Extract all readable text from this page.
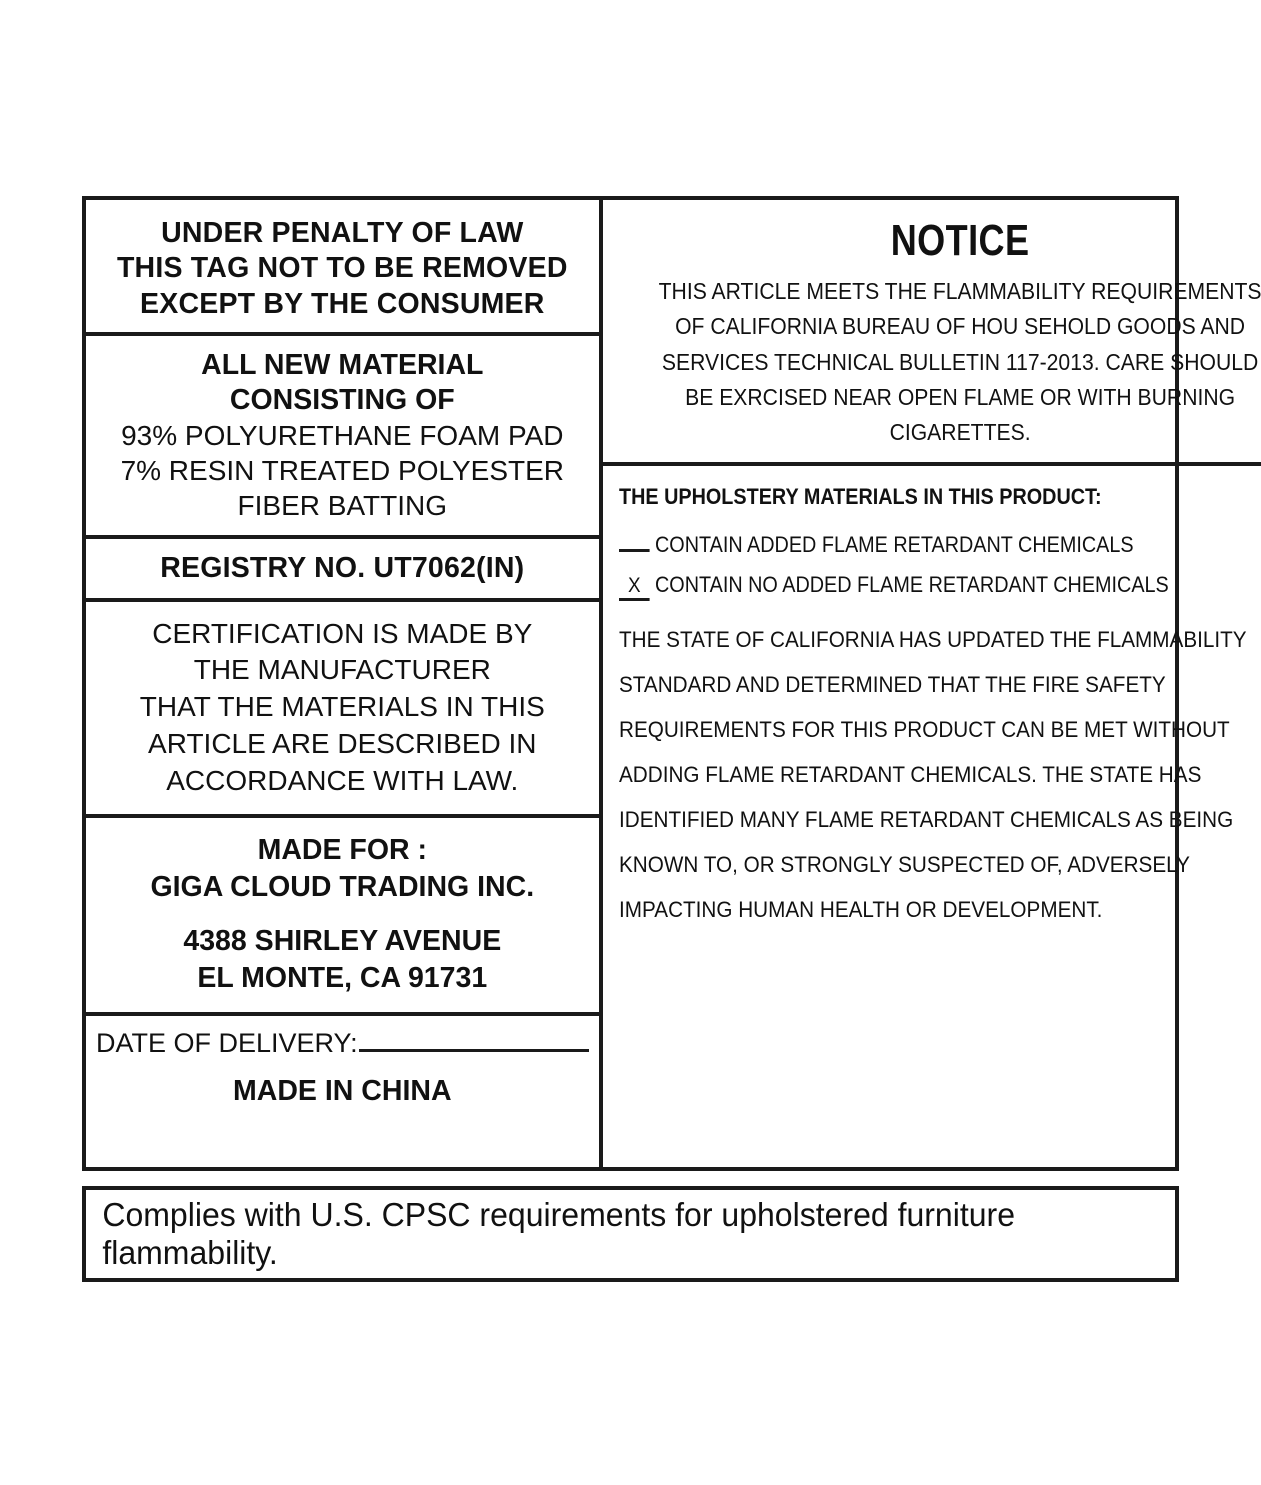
UNDER PENALTY OF LAW
THIS TAG NOT TO BE REMOVED
EXCEPT BY THE CONSUMER
ALL NEW MATERIAL
CONSISTING OF
93% POLYURETHANE FOAM PAD
7% RESIN TREATED POLYESTER
FIBER BATTING
REGISTRY NO. UT7062(IN)
CERTIFICATION IS MADE BY
THE MANUFACTURER
THAT THE MATERIALS IN THIS
ARTICLE ARE DESCRIBED IN
ACCORDANCE WITH LAW.
MADE FOR :
GIGA CLOUD TRADING INC.
4388 SHIRLEY AVENUE
EL MONTE, CA 91731
DATE OF DELIVERY:
MADE IN CHINA
NOTICE
THIS ARTICLE MEETS THE FLAMMABILITY REQUIREMENTS
OF CALIFORNIA BUREAU OF HOU SEHOLD GOODS AND
SERVICES TECHNICAL BULLETIN 117-2013. CARE SHOULD
BE EXRCISED NEAR OPEN FLAME OR WITH BURNING
CIGARETTES.
THE UPHOLSTERY MATERIALS IN THIS PRODUCT:
CONTAIN ADDED FLAME RETARDANT CHEMICALS
X CONTAIN NO ADDED FLAME RETARDANT CHEMICALS
THE STATE OF CALIFORNIA HAS UPDATED THE FLAMMABILITY
STANDARD AND DETERMINED THAT THE FIRE SAFETY
REQUIREMENTS FOR THIS PRODUCT CAN BE MET WITHOUT
ADDING FLAME RETARDANT CHEMICALS. THE STATE HAS
IDENTIFIED MANY FLAME RETARDANT CHEMICALS AS BEING
KNOWN TO, OR STRONGLY SUSPECTED OF, ADVERSELY
IMPACTING HUMAN HEALTH OR DEVELOPMENT.
Complies with U.S. CPSC requirements for upholstered furniture flammability.
